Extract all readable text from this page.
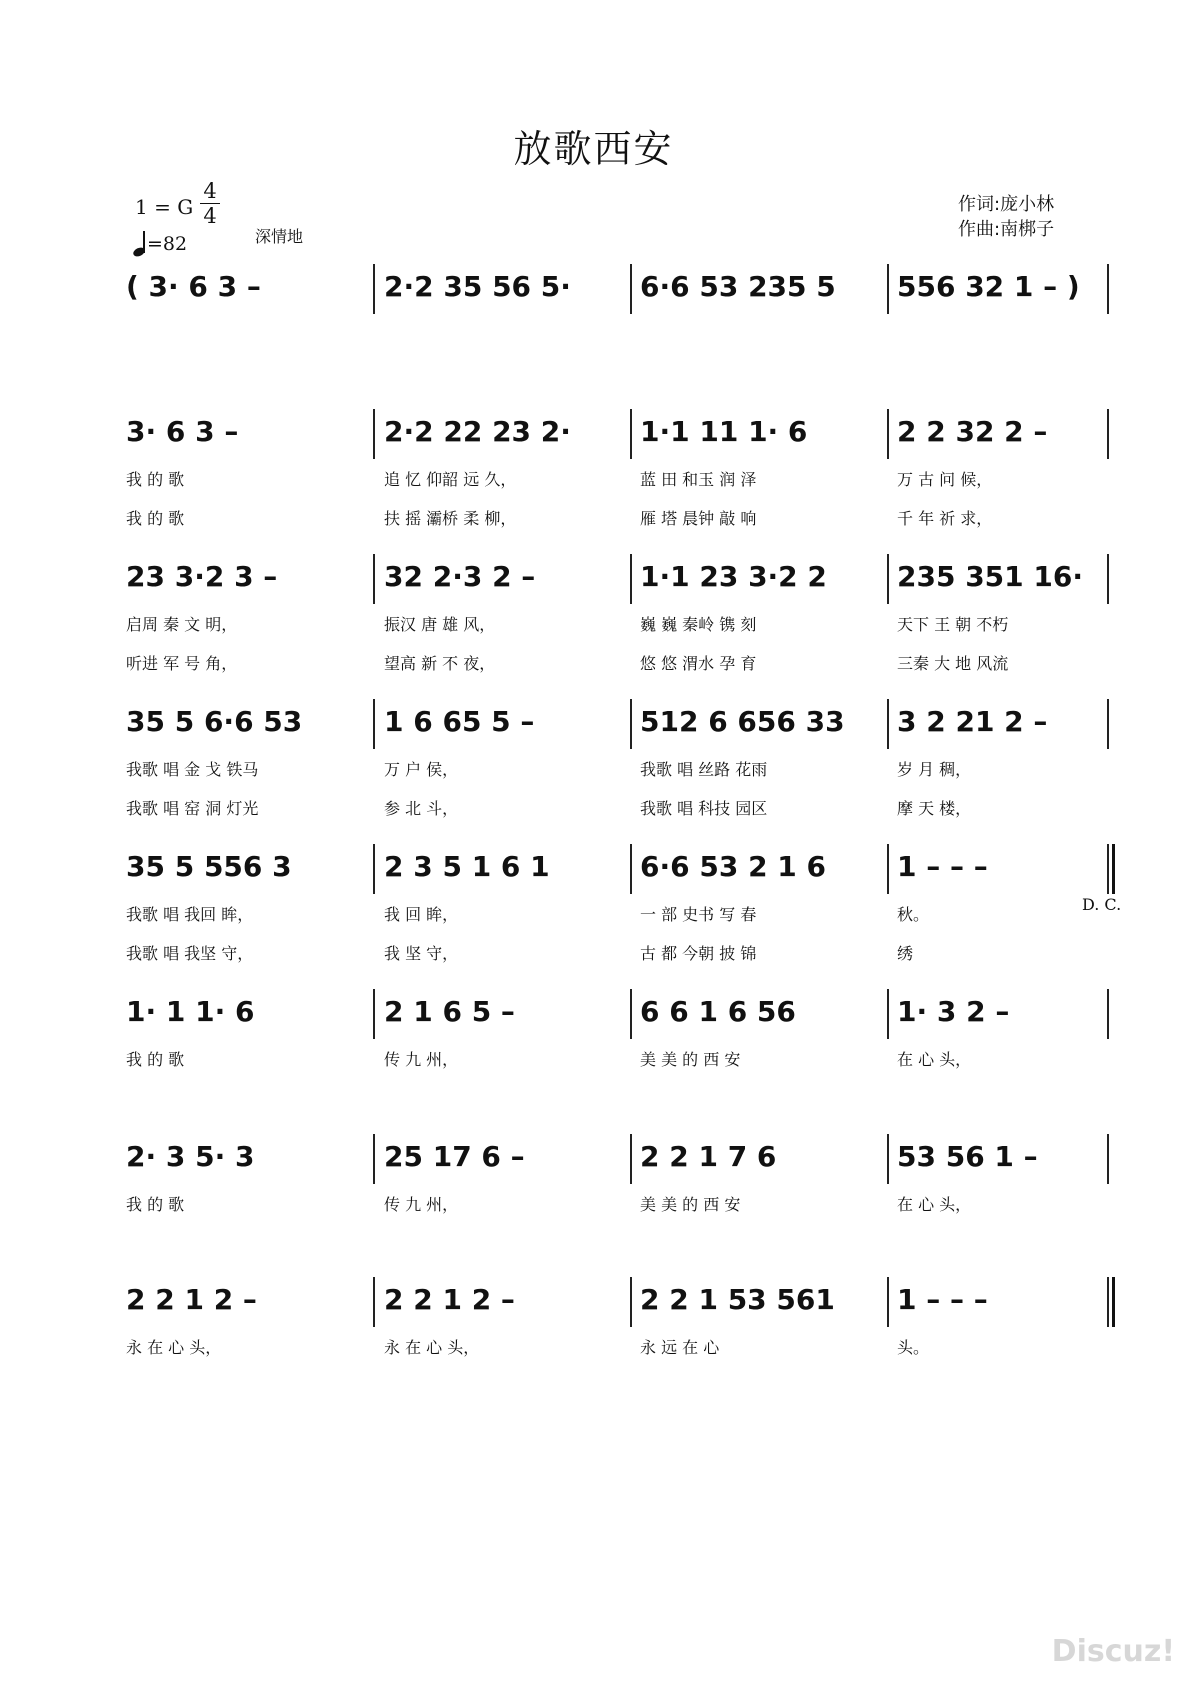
放歌西安
1 = G
4
4
=82	深情地
作词:庞小林
作曲:南梆子
( 3· 6 3 –	2·2 35 56 5· 6·6 53 235 5 556 32 1 – )
3· 6 3 –
我 的 歌
我 的 歌
2·2 22 23 2·
追 忆 仰韶 远 久，
扶 摇 灞桥 柔 柳，
1·1 11 1· 6
蓝 田 和玉 润 泽
雁 塔 晨钟 敲 响
2 2 32 2 –
万 古 问 候，
千 年 祈 求，
23 3·2 3 –
启周 秦 文 明，
听进 军 号 角，
32 2·3 2 –
振汉 唐 雄 风，
望高 新 不 夜，
1·1 23 3·2 2
巍 巍 秦岭 镌 刻
悠 悠 渭水 孕 育
235 351 16·
天下 王 朝 不朽
三秦 大 地 风流
35 5 6·6 53
我歌 唱 金 戈 铁马
我歌 唱 窑 洞 灯光
1 6 65 5 –
万 户 侯，
参 北 斗，
512 6 656 33
我歌 唱 丝路 花雨
我歌 唱 科技 园区
3 2 21 2 –
岁 月 稠，
摩 天 楼，
35 5 556 3
我歌 唱 我回 眸，
我歌 唱 我坚 守，
2 3 5 1 6 1
我 回 眸，
我 坚 守，
6·6 53 2 1 6
一 部 史书 写 春
古 都 今朝 披 锦
1 – – –
秋。
绣
1· 1 1· 6
我 的 歌
2 1 6 5 –
传 九 州，
6 6 1 6 56
美 美 的 西 安
1· 3 2 –
在 心 头，
2· 3 5· 3
我 的 歌
25 17 6 –
传 九 州，
2 2 1 7 6
美 美 的 西 安
53 56 1 –
在 心 头，
2 2 1 2 –
永 在 心 头，
2 2 1 2 –
永 在 心 头，
2 2 1 53 561
永 远 在 心
1 – – –
头。
D. C.
Discuz!
